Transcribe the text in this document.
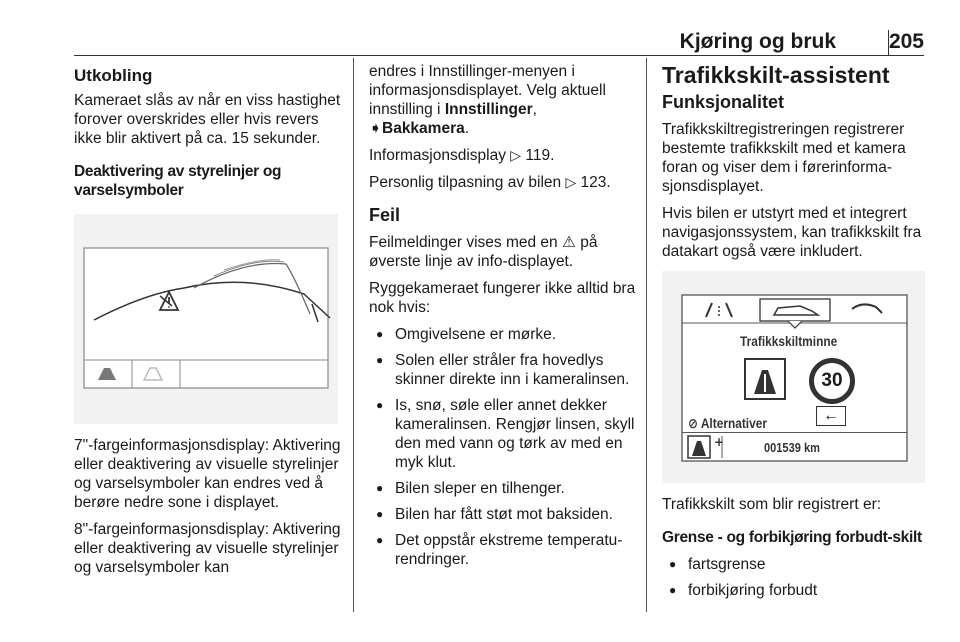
Kjøring og bruk	205
Utkobling

Kameraet slås av når en viss hastighet forover overskrides eller hvis revers ikke blir aktivert på ca. 15 sekunder.

Deaktivering av styrelinjer og varselsymboler

7"-fargeinformasjonsdisplay: Aktivering eller deaktivering av visuelle styrelinjer og varselsymboler kan endres ved å berøre nedre sone i displayet.

8"-fargeinformasjonsdisplay: Aktivering eller deaktivering av visuelle styrelinjer og varselsymboler kan

endres i Innstillinger-menyen i informasjonsdisplayet. Velg aktuell innstilling i Innstillinger, ➧Bakkamera.

Informasjonsdisplay ▷ 119.

Personlig tilpasning av bilen ▷ 123.

Feil

Feilmeldinger vises med en ⚠ på øverste linje av info-displayet.

Ryggekameraet fungerer ikke alltid bra nok hvis:

● Omgivelsene er mørke.
● Solen eller stråler fra hovedlys skinner direkte inn i kameralinsen.
● Is, snø, søle eller annet dekker kameralinsen. Rengjør linsen, skyll den med vann og tørk av med en myk klut.
● Bilen sleper en tilhenger.
● Bilen har fått støt mot baksiden.
● Det oppstår ekstreme temperaturendringer.
Trafikkskilt-assistent
Funksjonalitet

Trafikkskiltregistreringen registrerer bestemte trafikkskilt med et kamera foran og viser dem i førerinformasjonsdisplayet.

Hvis bilen er utstyrt med et integrert navigasjonssystem, kan trafikkskilt fra datakart også være inkludert.

Trafikkskiltminne
30
⊘ Alternativer	←
+	001539 km

Trafikkskilt som blir registrert er:

Grense - og forbikjøring forbudt-skilt

● fartsgrense
● forbikjøring forbudt
